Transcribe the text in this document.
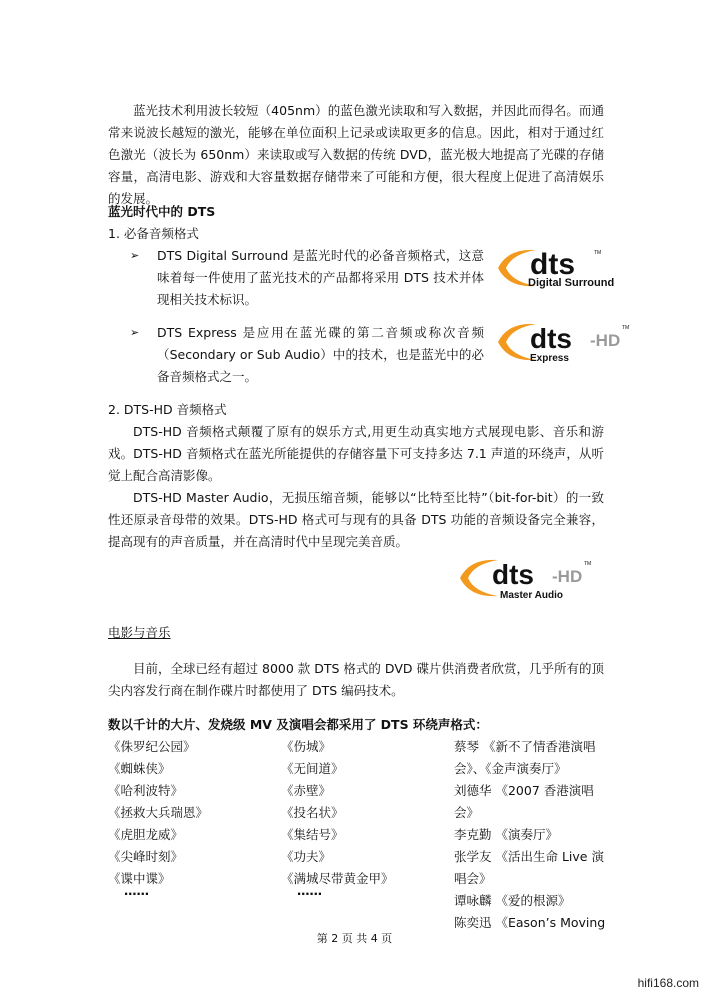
蓝光技术利用波长较短（405nm）的蓝色激光读取和写入数据，并因此而得名。而通常来说波长越短的激光，能够在单位面积上记录或读取更多的信息。因此，相对于通过红色激光（波长为 650nm）来读取或写入数据的传统 DVD，蓝光极大地提高了光碟的存储容量，高清电影、游戏和大容量数据存储带来了可能和方便，很大程度上促进了高清娱乐的发展。
蓝光时代中的 DTS
1. 必备音频格式
➢ DTS Digital Surround 是蓝光时代的必备音频格式，这意味着每一件使用了蓝光技术的产品都将采用 DTS 技术并体现相关技术标识。
➢ DTS Express 是应用在蓝光碟的第二音频或称次音频（Secondary or Sub Audio）中的技术，也是蓝光中的必备音频格式之一。
dts	TM
Digital Surround
dts -HD
TM
Express
2. DTS-HD 音频格式
DTS-HD 音频格式颠覆了原有的娱乐方式,用更生动真实地方式展现电影、音乐和游戏。DTS-HD 音频格式在蓝光所能提供的存储容量下可支持多达 7.1 声道的环绕声，从听觉上配合高清影像。
DTS-HD Master Audio，无损压缩音频，能够以“比特至比特”（bit-for-bit）的一致性还原录音母带的效果。DTS-HD 格式可与现有的具备 DTS 功能的音频设备完全兼容，提高现有的声音质量，并在高清时代中呈现完美音质。
dts -HD
TM
Master Audio
电影与音乐
目前，全球已经有超过 8000 款 DTS 格式的 DVD 碟片供消费者欣赏，几乎所有的顶尖内容发行商在制作碟片时都使用了 DTS 编码技术。
数以千计的大片、发烧级 MV 及演唱会都采用了 DTS 环绕声格式：
《侏罗纪公园》
《蜘蛛侠》
《哈利波特》
《拯救大兵瑞恩》
《虎胆龙威》
《尖峰时刻》
《谍中谍》
……
《伤城》
《无间道》
《赤壁》
《投名状》
《集结号》
《功夫》
《满城尽带黄金甲》
……
蔡琴 《新不了情香港演唱
会》、《金声演奏厅》
刘德华 《2007 香港演唱
会》
李克勤 《演奏厅》
张学友 《活出生命 Live 演
唱会》
谭咏麟 《爱的根源》
陈奕迅 《Eason’s Moving
第 2 页 共 4 页
hifi168.com
